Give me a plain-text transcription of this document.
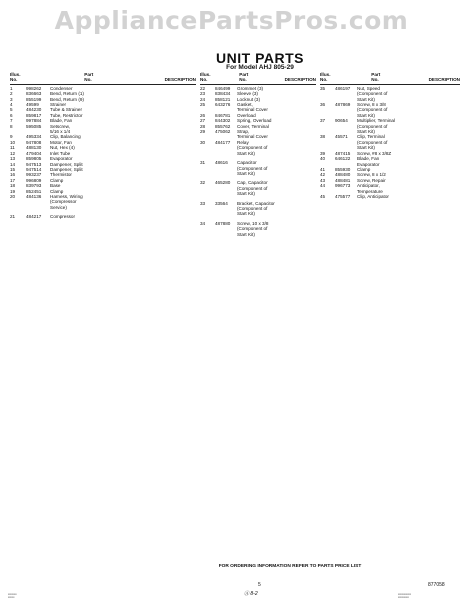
AppliancePartsPros.com
UNIT PARTS
For Model AHJ 805-29
Illus.
No.
Part
No.	DESCRIPTION
1	998262	Condenser
2	836663	Bend, Return (1)
3	855199	Bend, Return (9)
4	49599	Strainer
5	484230	Tube & Strainer
6	859817	Tube, Restrictor
7	997884	Blade, Fan
8	595085	Setscrew,
5/16 x 1/4
9	495334	Clip, Balancing
10	947808	Motor, Fan
11	488130	Nut, Hex (4)
12	479404	Inlet Tube
13	859805	Evaporator
14	947513	Dampener, Split
15	947514	Dampener, Split
16	993237	Thermistor
17	996809	Clamp
18	839793	Base
19	852451	Clamp
20	484136	Harness, Wiring
(Compressor
Service)
21	484217	Compressor
Illus.
No.
Part
No.	DESCRIPTION
22	846499	Grommet (3)
23	838434	Sleeve (3)
24	858121	Locknut (3)
25	643276	Gasket,
Terminal Cover
26	846781	Overload
27	844302	Spring, Overload
28	855762	Cover, Terminal
29	475062	Strap,
Terminal Cover
30	484177	Relay
(Component of
Start Kit)
31	48616	Capacitor
(Component of
Start Kit)
32	465280	Cap, Capacitor
(Component of
Start Kit)
33	33564	Bracket, Capacitor
(Component of
Start Kit)
34	487880	Screw, 10 x 3/8
(Component of
Start Kit)
Illus.
No.
Part
No.	DESCRIPTION
35	486197	Nut, Speed
(Component of
Start Kit)
36	487869	Screw, 8 x 3/8
(Component of
Start Kit)
37	90654	Multiplier, Terminal
(Component of
Start Kit)
38	45571	Clip, Terminal
(Component of
Start Kit)
39	487415	Screw, #8 x 3/8Z
40	646122	Blade, Fan
Evaporator
41	855930	Clamp
42	488480	Screw, 8 x 1/2
43	488481	Screw, Repair
44	996773	Anticipator,
Temperature
45	475577	Clip, Anticipator
FOR ORDERING INFORMATION REFER TO PARTS PRICE LIST
5	877058
Ⓐ 8-2
▪▪▪▪▪▪▪▪
▪▪▪▪▪▪
▪▪▪▪▪▪▪▪▪▪▪▪
▪▪▪▪▪▪▪▪▪▪
